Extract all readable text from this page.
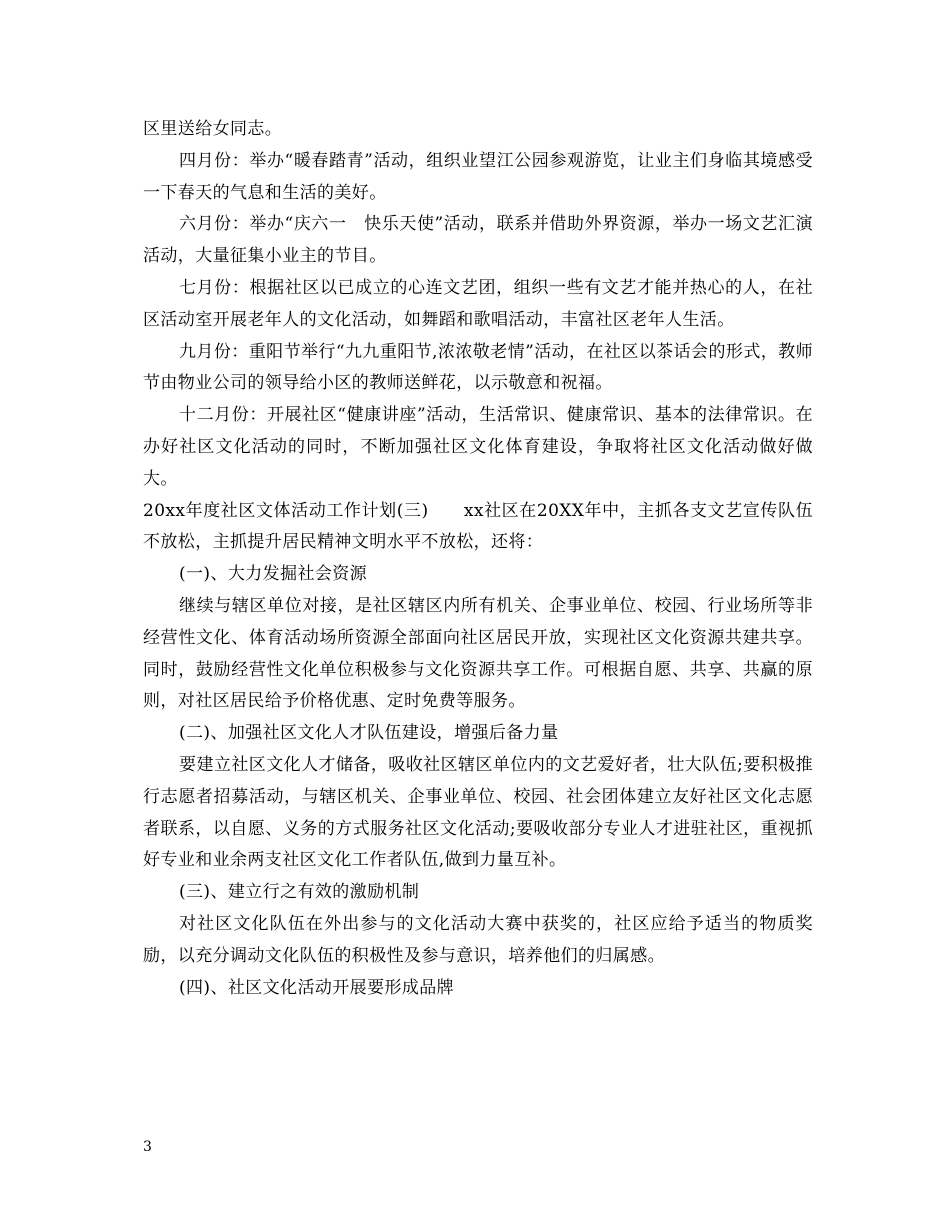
区里送给女同志。

四月份：举办“暖春踏青”活动，组织业望江公园参观游览，让业主们身临其境感受一下春天的气息和生活的美好。

六月份：举办“庆六一　快乐天使”活动，联系并借助外界资源，举办一场文艺汇演活动，大量征集小业主的节目。

七月份：根据社区以已成立的心连文艺团，组织一些有文艺才能并热心的人，在社区活动室开展老年人的文化活动，如舞蹈和歌唱活动，丰富社区老年人生活。

九月份：重阳节举行“九九重阳节,浓浓敬老情”活动，在社区以茶话会的形式，教师节由物业公司的领导给小区的教师送鲜花，以示敬意和祝福。

十二月份：开展社区“健康讲座”活动，生活常识、健康常识、基本的法律常识。在办好社区文化活动的同时，不断加强社区文化体育建设，争取将社区文化活动做好做大。

20xx年度社区文体活动工作计划(三)　　xx社区在20XX年中，主抓各支文艺宣传队伍不放松，主抓提升居民精神文明水平不放松，还将：

(一)、大力发掘社会资源

继续与辖区单位对接，是社区辖区内所有机关、企事业单位、校园、行业场所等非经营性文化、体育活动场所资源全部面向社区居民开放，实现社区文化资源共建共享。同时，鼓励经营性文化单位积极参与文化资源共享工作。可根据自愿、共享、共赢的原则，对社区居民给予价格优惠、定时免费等服务。

(二)、加强社区文化人才队伍建设，增强后备力量

要建立社区文化人才储备，吸收社区辖区单位内的文艺爱好者，壮大队伍;要积极推行志愿者招募活动，与辖区机关、企事业单位、校园、社会团体建立友好社区文化志愿者联系，以自愿、义务的方式服务社区文化活动;要吸收部分专业人才进驻社区，重视抓好专业和业余两支社区文化工作者队伍,做到力量互补。

(三)、建立行之有效的激励机制

对社区文化队伍在外出参与的文化活动大赛中获奖的，社区应给予适当的物质奖励，以充分调动文化队伍的积极性及参与意识，培养他们的归属感。

(四)、社区文化活动开展要形成品牌

3
